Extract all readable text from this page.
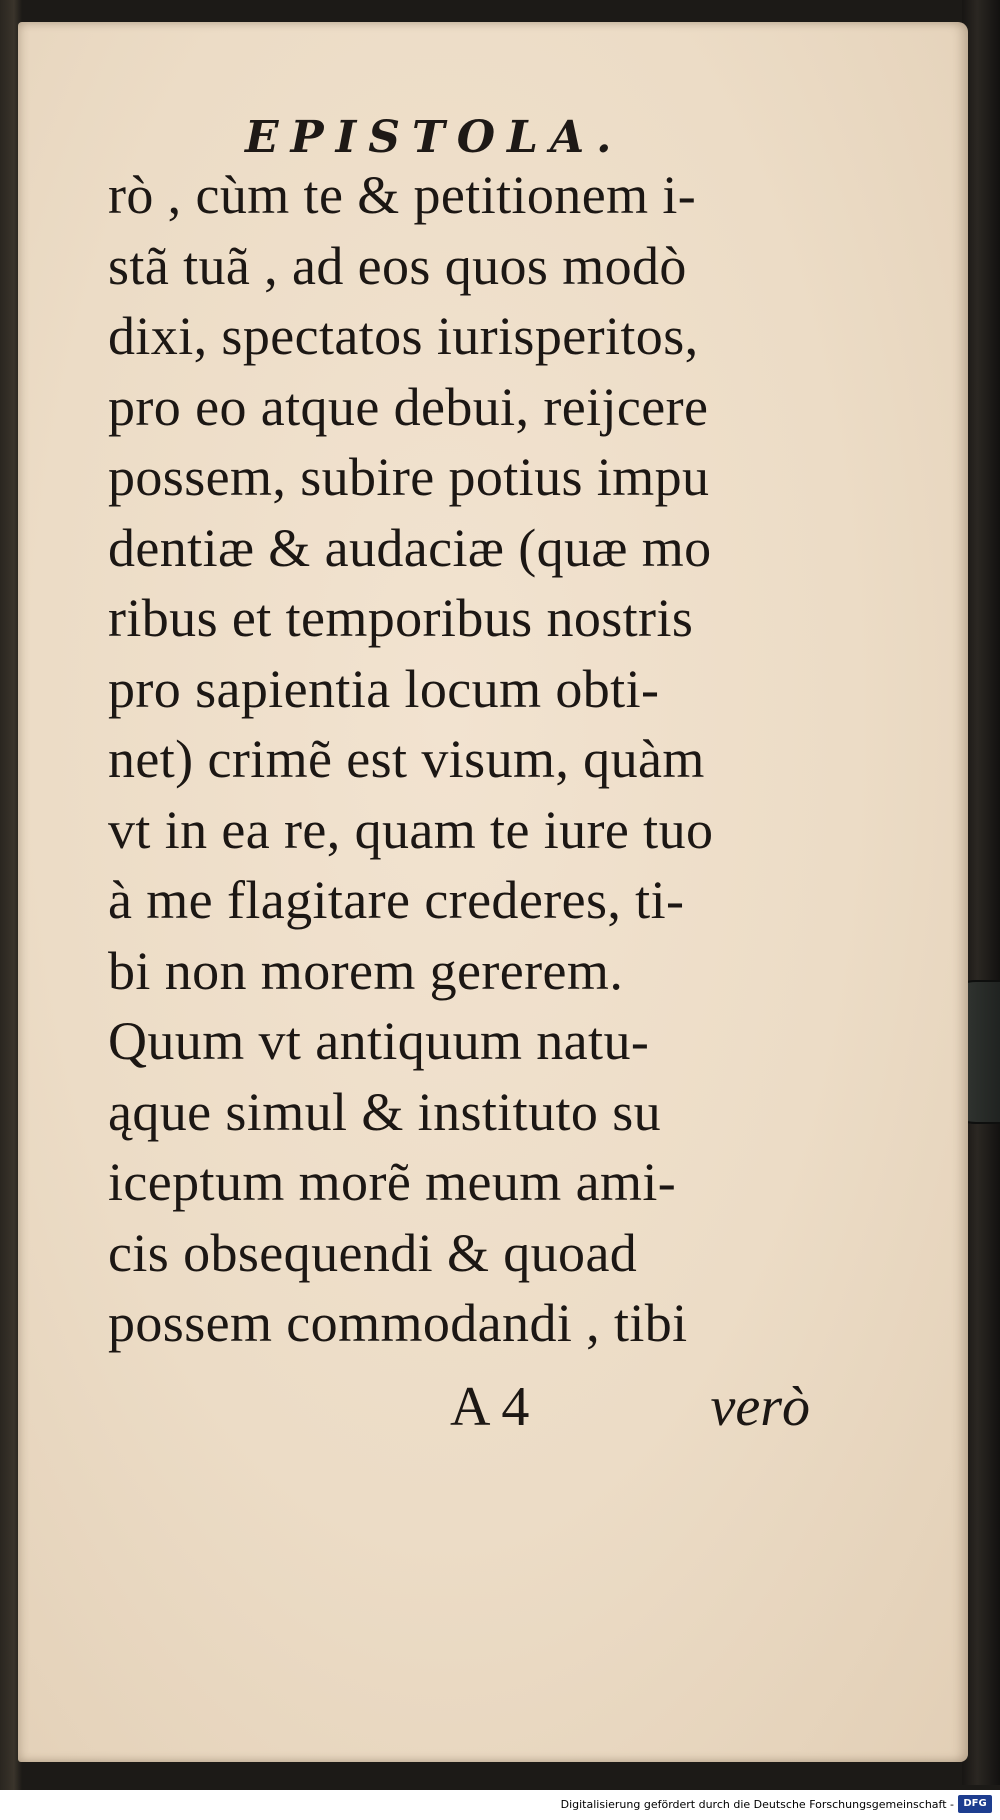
EPISTOLA.
rò , cùm te & petitionem i-
stã tuã , ad eos quos modò
dixi, spectatos iurisperitos,
pro eo atque debui, reijcere
possem, subire potius impu
dentiæ & audaciæ (quæ mo
ribus et temporibus nostris
pro sapientia locum obti-
net) crimẽ est visum, quàm
vt in ea re, quam te iure tuo
à me flagitare crederes, ti-
bi non morem gererem.
Quum vt antiquum natu-
ąque simul & instituto su
iceptum morẽ meum ami-
cis obsequendi & quoad
possem commodandi , tibi
A 4	verò
Digitalisierung gefördert durch die Deutsche Forschungsgemeinschaft - DFG
